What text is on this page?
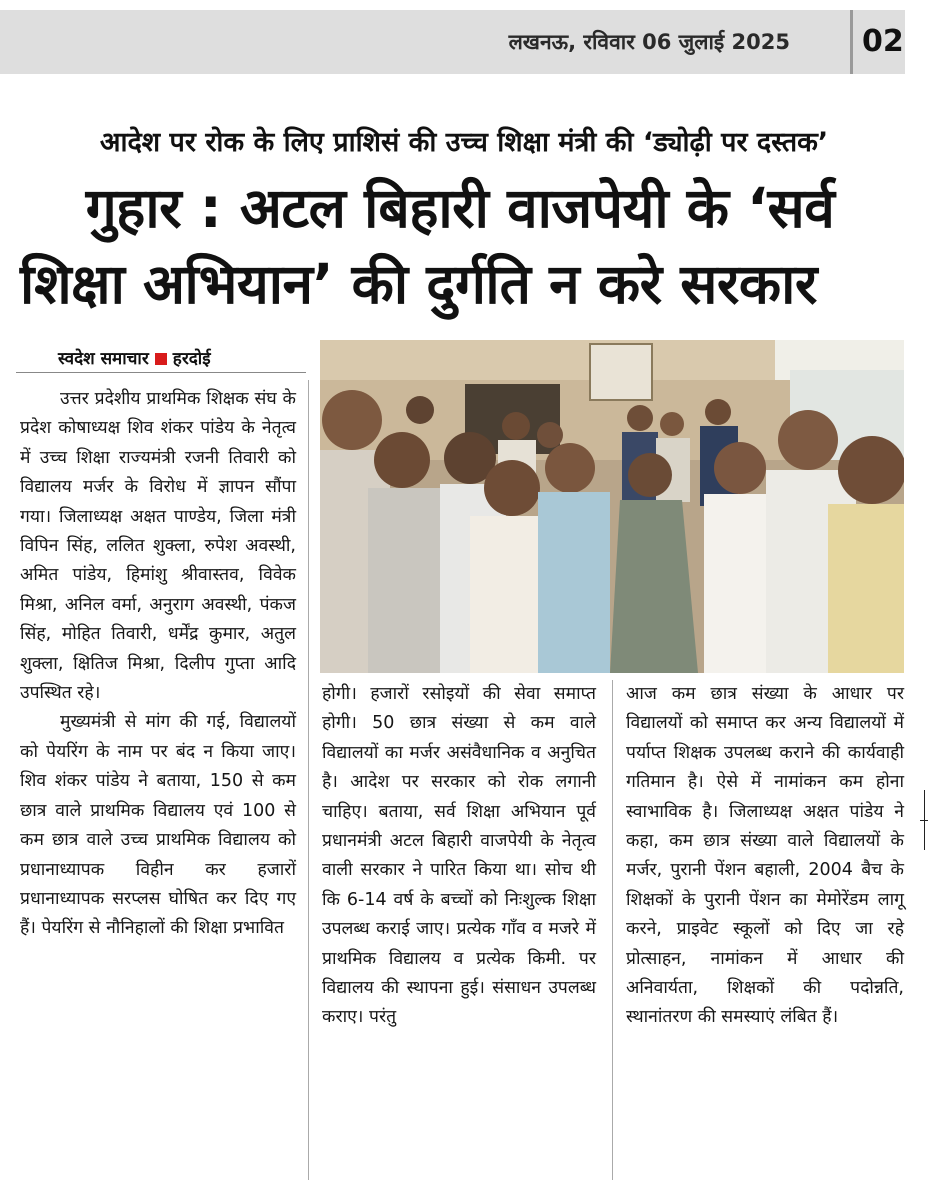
लखनऊ, रविवार 06 जुलाई 2025 02
आदेश पर रोक के लिए प्राशिसं की उच्च शिक्षा मंत्री की ‘ड्योढ़ी पर दस्तक’
गुहार : अटल बिहारी वाजपेयी के ‘सर्व
शिक्षा अभियान’ की दुर्गति न करे सरकार
स्वदेश समाचार हरदोई

उत्तर प्रदेशीय प्राथमिक शिक्षक संघ के प्रदेश कोषाध्यक्ष शिव शंकर पांडेय के नेतृत्व में उच्च शिक्षा राज्यमंत्री रजनी तिवारी को विद्यालय मर्जर के विरोध में ज्ञापन सौंपा गया। जिलाध्यक्ष अक्षत पाण्डेय, जिला मंत्री विपिन सिंह, ललित शुक्ला, रुपेश अवस्थी, अमित पांडेय, हिमांशु श्रीवास्तव, विवेक मिश्रा, अनिल वर्मा, अनुराग अवस्थी, पंकज सिंह, मोहित तिवारी, धर्मेंद्र कुमार, अतुल शुक्ला, क्षितिज मिश्रा, दिलीप गुप्ता आदि उपस्थित रहे।

मुख्यमंत्री से मांग की गई, विद्यालयों को पेयरिंग के नाम पर बंद न किया जाए। शिव शंकर पांडेय ने बताया, 150 से कम छात्र वाले प्राथमिक विद्यालय एवं 100 से कम छात्र वाले उच्च प्राथमिक विद्यालय को प्रधानाध्यापक विहीन कर हजारों प्रधानाध्यापक सरप्लस घोषित कर दिए गए हैं। पेयरिंग से नौनिहालों की शिक्षा प्रभावित

होगी। हजारों रसोइयों की सेवा समाप्त होगी। 50 छात्र संख्या से कम वाले विद्यालयों का मर्जर असंवैधानिक व अनुचित है। आदेश पर सरकार को रोक लगानी चाहिए। बताया, सर्व शिक्षा अभियान पूर्व प्रधानमंत्री अटल बिहारी वाजपेयी के नेतृत्व वाली सरकार ने पारित किया था। सोच थी कि 6-14 वर्ष के बच्चों को निःशुल्क शिक्षा उपलब्ध कराई जाए। प्रत्येक गाँव व मजरे में प्राथमिक विद्यालय व प्रत्येक किमी. पर विद्यालय की स्थापना हुई। संसाधन उपलब्ध कराए। परंतु

आज कम छात्र संख्या के आधार पर विद्यालयों को समाप्त कर अन्य विद्यालयों में पर्याप्त शिक्षक उपलब्ध कराने की कार्यवाही गतिमान है। ऐसे में नामांकन कम होना स्वाभाविक है। जिलाध्यक्ष अक्षत पांडेय ने कहा, कम छात्र संख्या वाले विद्यालयों के मर्जर, पुरानी पेंशन बहाली, 2004 बैच के शिक्षकों के पुरानी पेंशन का मेमोरेंडम लागू करने, प्राइवेट स्कूलों को दिए जा रहे प्रोत्साहन, नामांकन में आधार की अनिवार्यता, शिक्षकों की पदोन्नति, स्थानांतरण की समस्याएं लंबित हैं।
